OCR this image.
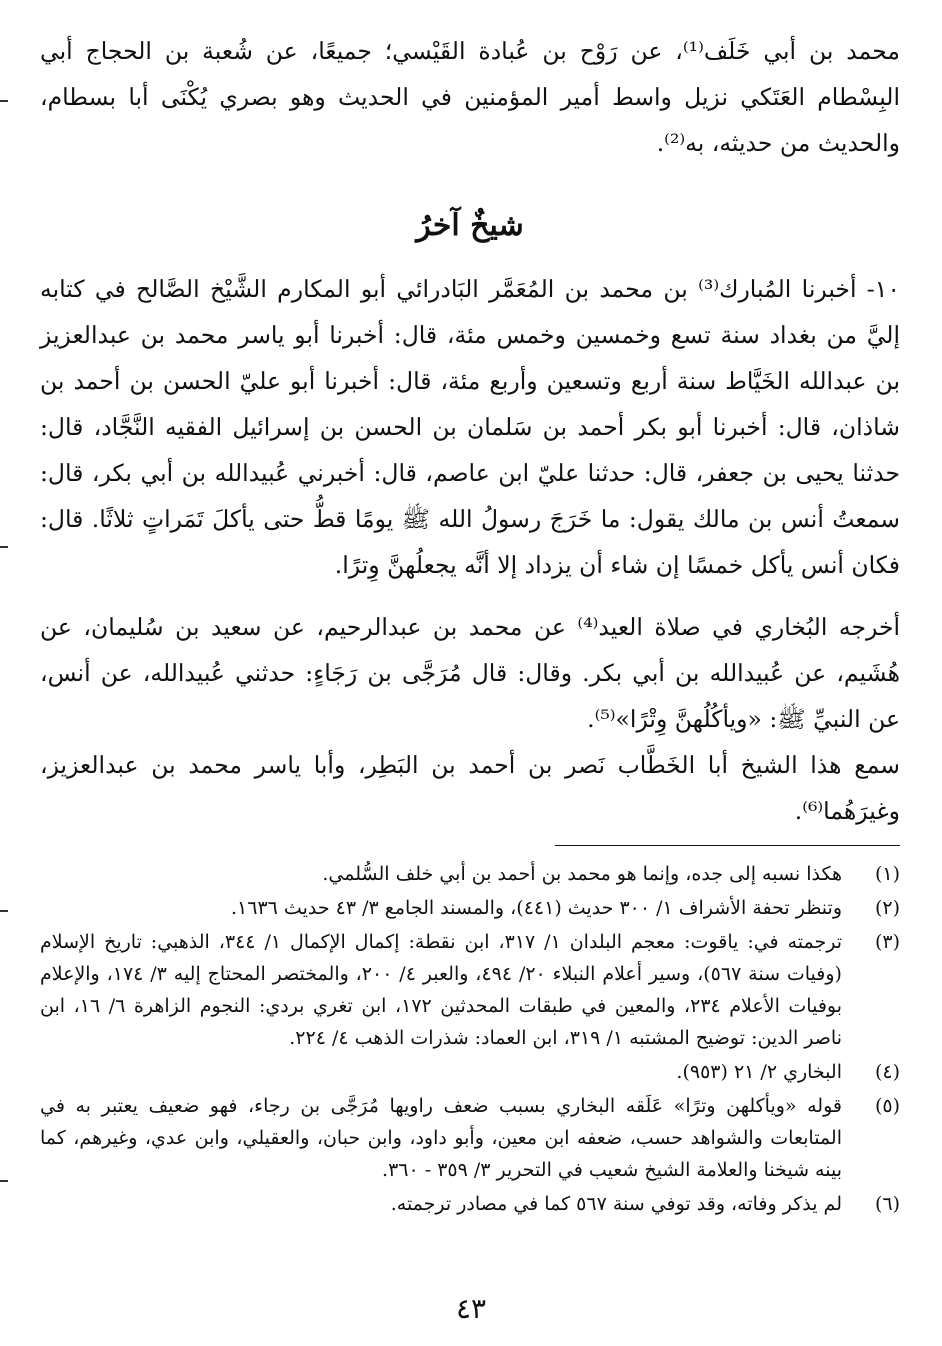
محمد بن أبي خَلَف⁽¹⁾، عن رَوْح بن عُبادة القَيْسي؛ جميعًا، عن شُعبة بن الحجاج أبي البِسْطام العَتَكي نزيل واسط أمير المؤمنين في الحديث وهو بصري يُكْنَى أبا بسطام، والحديث من حديثه، به⁽²⁾.

شيخٌ آخرُ

١٠- أخبرنا المُبارك⁽³⁾ بن محمد بن المُعَمَّر البَادرائي أبو المكارم الشَّيْخ الصَّالح في كتابه إليَّ من بغداد سنة تسع وخمسين وخمس مئة، قال: أخبرنا أبو ياسر محمد بن عبدالعزيز بن عبدالله الخَيَّاط سنة أربع وتسعين وأربع مئة، قال: أخبرنا أبو عليّ الحسن بن أحمد بن شاذان، قال: أخبرنا أبو بكر أحمد بن سَلمان بن الحسن بن إسرائيل الفقيه النَّجَّاد، قال: حدثنا يحيى بن جعفر، قال: حدثنا عليّ ابن عاصم، قال: أخبرني عُبيدالله بن أبي بكر، قال: سمعتُ أنس بن مالك يقول: ما خَرَجَ رسولُ الله ﷺ يومًا قطُّ حتى يأكلَ تَمَراتٍ ثلاثًا. قال: فكان أنس يأكل خمسًا إن شاء أن يزداد إلا أنَّه يجعلُهنَّ وِترًا.

أخرجه البُخاري في صلاة العيد⁽⁴⁾ عن محمد بن عبدالرحيم، عن سعيد بن سُليمان، عن هُشَيم، عن عُبيدالله بن أبي بكر. وقال: قال مُرَجَّى بن رَجَاءٍ: حدثني عُبيدالله، عن أنس، عن النبيِّ ﷺ: «ويأكُلُهنَّ وِتْرًا»⁽⁵⁾.

سمع هذا الشيخ أبا الخَطَّاب نَصر بن أحمد بن البَطِر، وأبا ياسر محمد بن عبدالعزيز، وغيرَهُما⁽⁶⁾.

(١)
هكذا نسبه إلى جده، وإنما هو محمد بن أحمد بن أبي خلف السُّلمي.
(٢)
وتنظر تحفة الأشراف ١/ ٣٠٠ حديث (٤٤١)، والمسند الجامع ٣/ ٤٣ حديث ١٦٣٦.
(٣)
ترجمته في: ياقوت: معجم البلدان ١/ ٣١٧، ابن نقطة: إكمال الإكمال ١/ ٣٤٤، الذهبي: تاريخ الإسلام (وفيات سنة ٥٦٧)، وسير أعلام النبلاء ٢٠/ ٤٩٤، والعبر ٤/ ٢٠٠، والمختصر المحتاج إليه ٣/ ١٧٤، والإعلام بوفيات الأعلام ٢٣٤، والمعين في طبقات المحدثين ١٧٢، ابن تغري بردي: النجوم الزاهرة ٦/ ١٦، ابن ناصر الدين: توضيح المشتبه ١/ ٣١٩، ابن العماد: شذرات الذهب ٤/ ٢٢٤.
(٤)
البخاري ٢/ ٢١ (٩٥٣).
(٥)
قوله «ويأكلهن وترًا» عَلَقه البخاري بسبب ضعف راويها مُرَجَّى بن رجاء، فهو ضعيف يعتبر به في المتابعات والشواهد حسب، ضعفه ابن معين، وأبو داود، وابن حبان، والعقيلي، وابن عدي، وغيرهم، كما بينه شيخنا والعلامة الشيخ شعيب في التحرير ٣/ ٣٥٩ - ٣٦٠.
(٦)
لم يذكر وفاته، وقد توفي سنة ٥٦٧ كما في مصادر ترجمته.
٤٣
